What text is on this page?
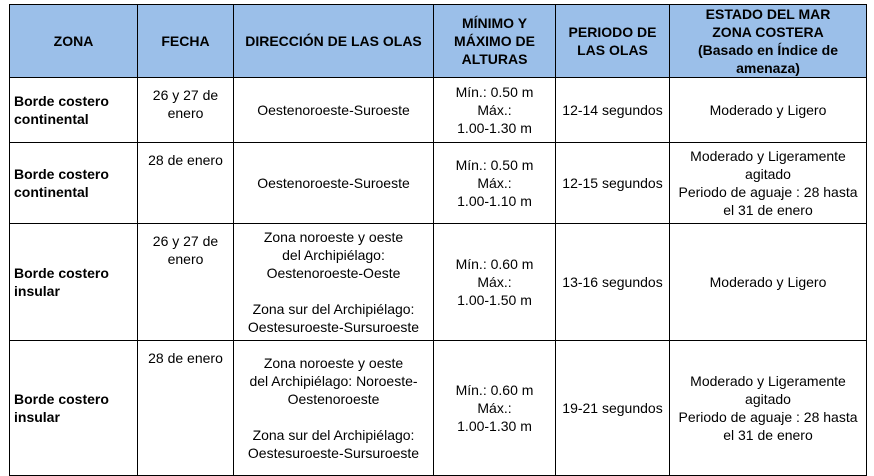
ZONA	FECHA	DIRECCIÓN DE LAS OLAS	MÍNIMO Y
MÁXIMO DE
ALTURAS	PERIODO DE
LAS OLAS	ESTADO DEL MAR
ZONA COSTERA
(Basado en Índice de
amenaza)

Borde costero
continental	26 y 27 de
enero	Oestenoroeste-Suroeste	Mín.: 0.50 m
Máx.:
1.00-1.30 m	12-14 segundos	Moderado y Ligero

Borde costero
continental	28 de enero	Oestenoroeste-Suroeste	Mín.: 0.50 m
Máx.:
1.00-1.10 m	12-15 segundos	Moderado y Ligeramente
agitado
Periodo de aguaje : 28 hasta
el 31 de enero

Borde costero
insular	26 y 27 de
enero	Zona noroeste y oeste
del Archipiélago:
Oestenoroeste-Oeste
Zona sur del Archipiélago:
Oestesuroeste-Sursuroeste	Mín.: 0.60 m
Máx.:
1.00-1.50 m	13-16 segundos	Moderado y Ligero

Borde costero
insular	28 de enero	Zona noroeste y oeste
del Archipiélago: Noroeste-
Oestenoroeste
Zona sur del Archipiélago:
Oestesuroeste-Sursuroeste	Mín.: 0.60 m
Máx.:
1.00-1.30 m	19-21 segundos	Moderado y Ligeramente
agitado
Periodo de aguaje : 28 hasta
el 31 de enero
